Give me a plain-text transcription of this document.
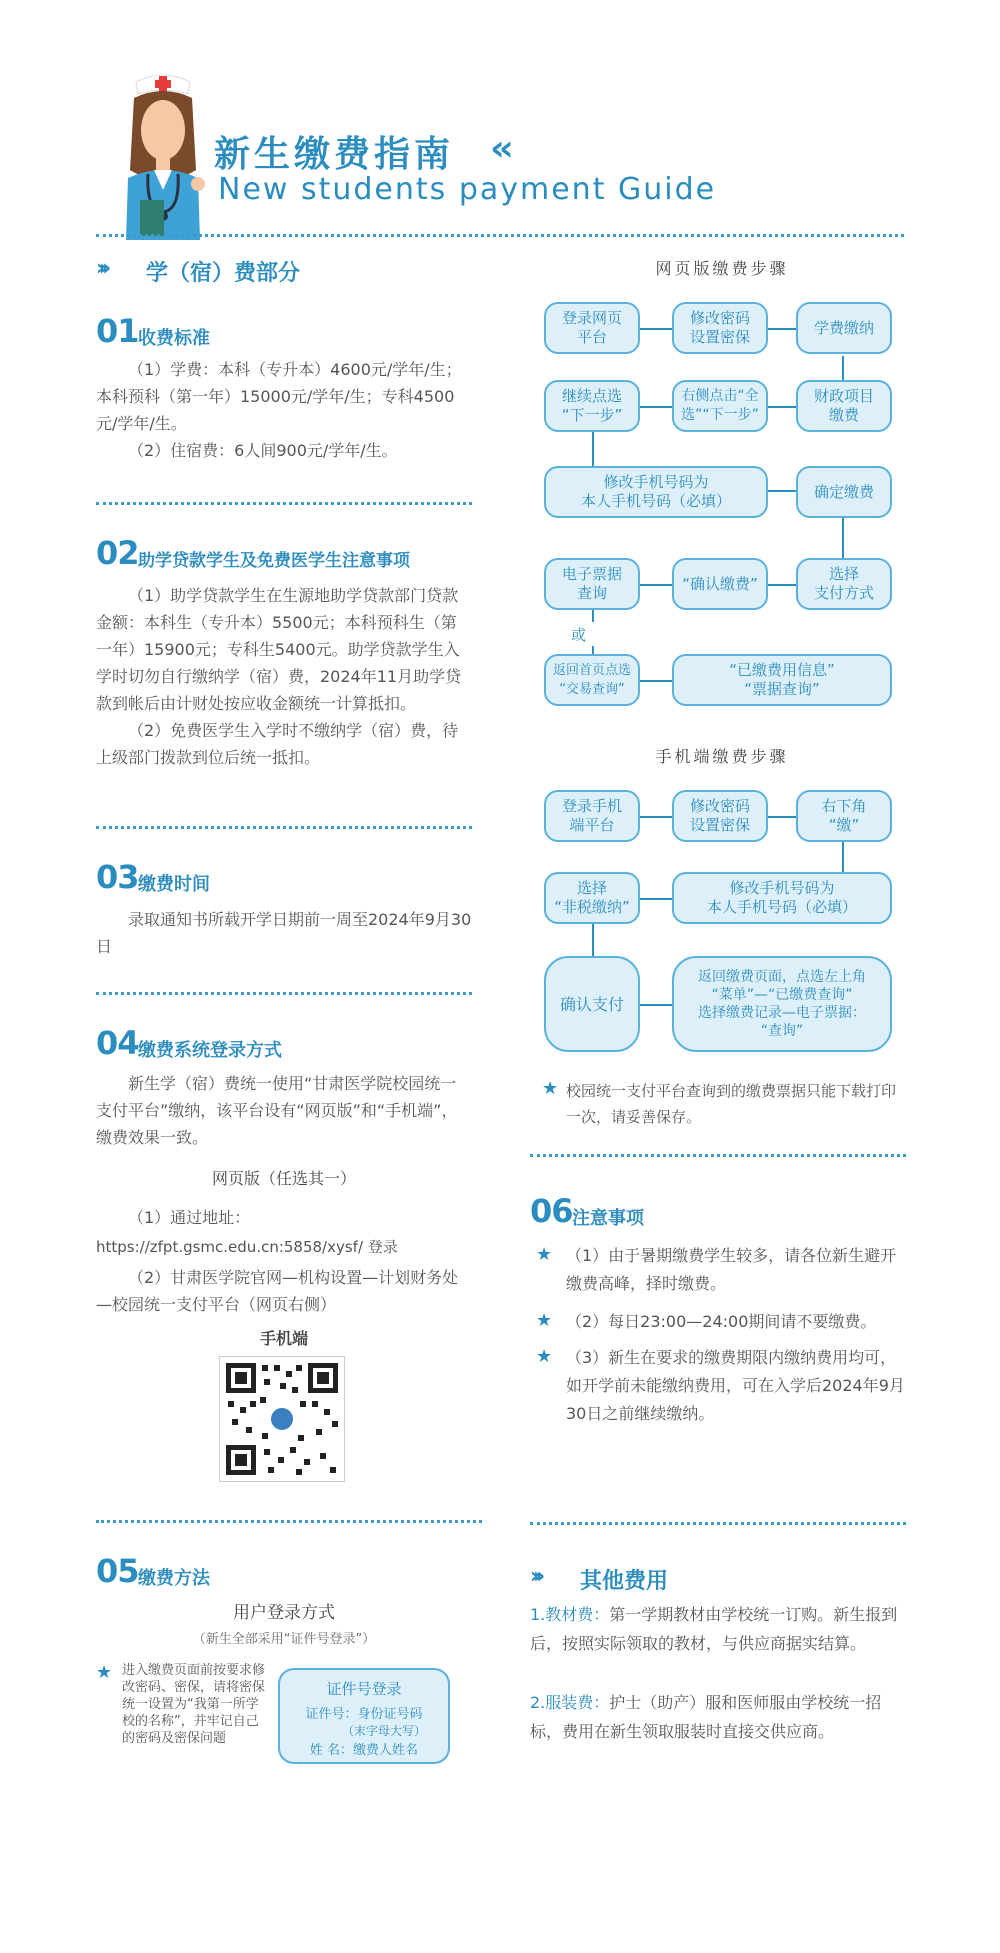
新生缴费指南 ‹‹
New students payment Guide
››› 学（宿）费部分
01 收费标准

（1）学费：本科（专升本）4600元/学年/生；本科预科（第一年）15000元/学年/生；专科4500元/学年/生。

（2）住宿费：6人间900元/学年/生。

02 助学贷款学生及免费医学生注意事项

（1）助学贷款学生在生源地助学贷款部门贷款金额：本科生（专升本）5500元；本科预科生（第一年）15900元；专科生5400元。助学贷款学生入学时切勿自行缴纳学（宿）费，2024年11月助学贷款到帐后由计财处按应收金额统一计算抵扣。

（2）免费医学生入学时不缴纳学（宿）费，待上级部门拨款到位后统一抵扣。

03 缴费时间

录取通知书所载开学日期前一周至2024年9月30日

04 缴费系统登录方式

新生学（宿）费统一使用“甘肃医学院校园统一支付平台”缴纳，该平台设有“网页版”和“手机端”，缴费效果一致。

网页版（任选其一）

（1）通过地址：

https://zfpt.gsmc.edu.cn:5858/xysf/ 登录

（2）甘肃医学院官网—机构设置—计划财务处—校园统一支付平台（网页右侧）

手机端
05 缴费方法
用户登录方式
（新生全部采用“证件号登录”）
★ 进入缴费页面前按要求修改密码、密保，请将密保统一设置为“我第一所学校的名称”，并牢记自己的密码及密保问题
证件号登录
证件号：身份证号码
（末字母大写）
姓 名：缴费人姓名
网页版缴费步骤
登录网页
平台
修改密码
设置密保
学费缴纳
财政项目
缴费
右侧点击“全
选”“下一步”
继续点选
“下一步”
修改手机号码为
本人手机号码（必填）
确定缴费
选择
支付方式
“确认缴费”
电子票据
查询
或
返回首页点选
“交易查询”
“已缴费用信息”
“票据查询”
手机端缴费步骤
登录手机
端平台
修改密码
设置密保
右下角
“缴”
修改手机号码为
本人手机号码（必填）
选择
“非税缴纳”
确认支付
返回缴费页面，点选左上角
“菜单”—“已缴费查询”
选择缴费记录—电子票据：
“查询”
★ 校园统一支付平台查询到的缴费票据只能下载打印一次，请妥善保存。
06 注意事项
★ （1）由于暑期缴费学生较多，请各位新生避开缴费高峰，择时缴费。
★ （2）每日23:00—24:00期间请不要缴费。
★ （3）新生在要求的缴费期限内缴纳费用均可，如开学前未能缴纳费用，可在入学后2024年9月30日之前继续缴纳。
››› 其他费用
1.教材费：第一学期教材由学校统一订购。新生报到后，按照实际领取的教材，与供应商据实结算。
2.服装费：护士（助产）服和医师服由学校统一招标，费用在新生领取服装时直接交供应商。
